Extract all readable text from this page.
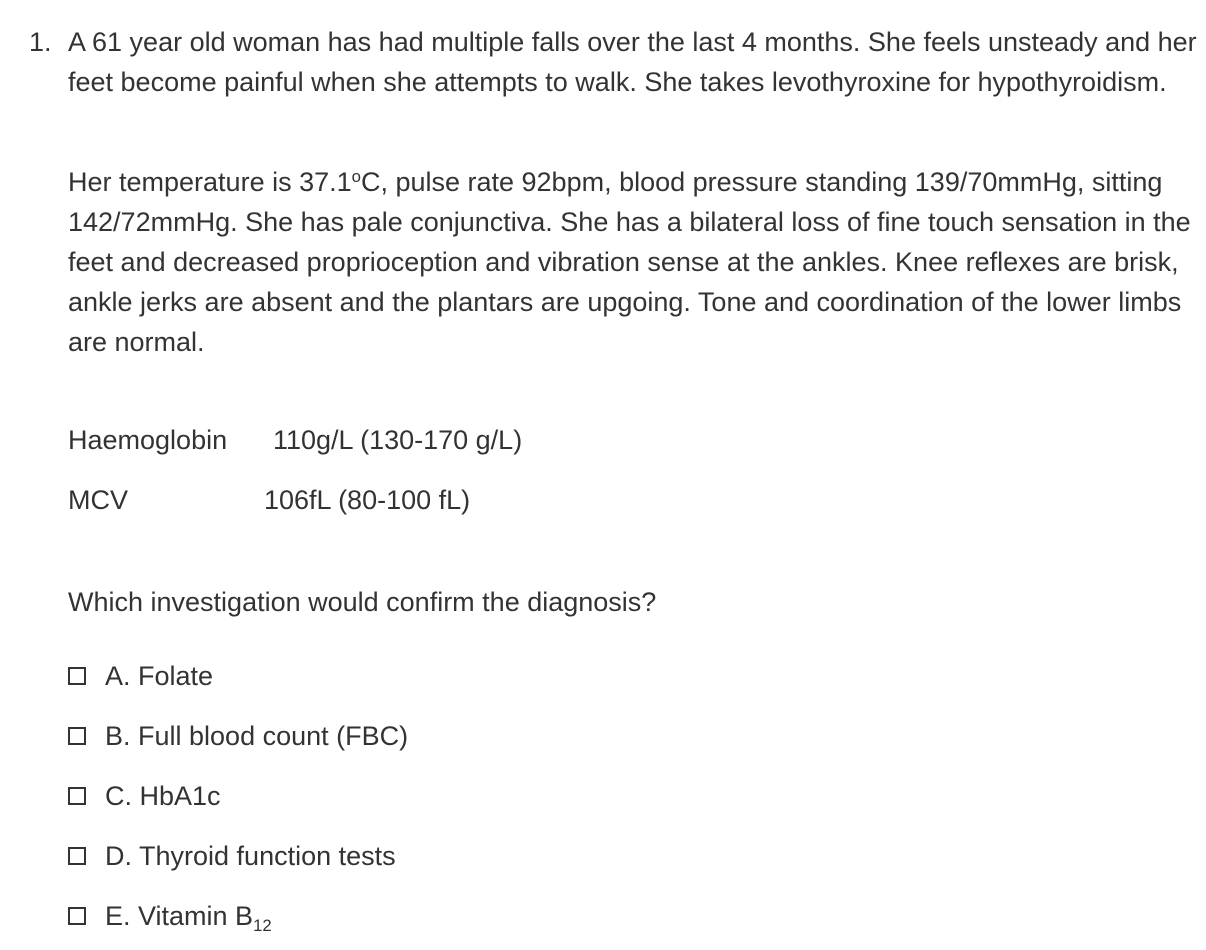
1. A 61 year old woman has had multiple falls over the last 4 months. She feels unsteady and her feet become painful when she attempts to walk. She takes levothyroxine for hypothyroidism.

Her temperature is 37.1$^o$C, pulse rate 92bpm, blood pressure standing 139/70mmHg, sitting 142/72mmHg. She has pale conjunctiva. She has a bilateral loss of fine touch sensation in the feet and decreased proprioception and vibration sense at the ankles. Knee reflexes are brisk, ankle jerks are absent and the plantars are upgoing. Tone and coordination of the lower limbs are normal.

Haemoglobin 110g/L (130-170 g/L)
MCV	106fL (80-100 fL)
Which investigation would confirm the diagnosis?
A. Folate
B. Full blood count (FBC)
C. HbA1c
D. Thyroid function tests
E. Vitamin $B_{12}$
